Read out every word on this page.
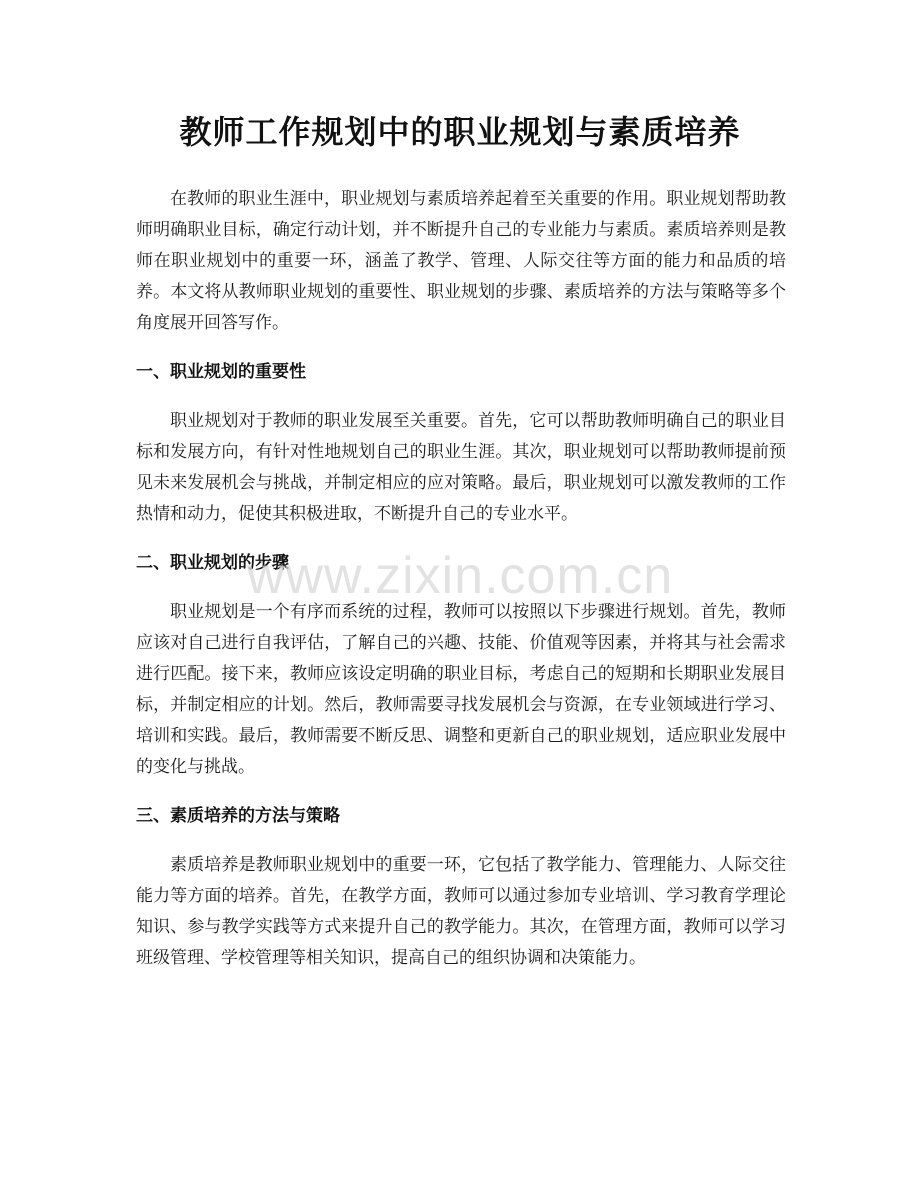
教师工作规划中的职业规划与素质培养

在教师的职业生涯中，职业规划与素质培养起着至关重要的作用。职业规划帮助教师明确职业目标，确定行动计划，并不断提升自己的专业能力与素质。素质培养则是教师在职业规划中的重要一环，涵盖了教学、管理、人际交往等方面的能力和品质的培养。本文将从教师职业规划的重要性、职业规划的步骤、素质培养的方法与策略等多个角度展开回答写作。

一、职业规划的重要性

职业规划对于教师的职业发展至关重要。首先，它可以帮助教师明确自己的职业目标和发展方向，有针对性地规划自己的职业生涯。其次，职业规划可以帮助教师提前预见未来发展机会与挑战，并制定相应的应对策略。最后，职业规划可以激发教师的工作热情和动力，促使其积极进取，不断提升自己的专业水平。

二、职业规划的步骤

职业规划是一个有序而系统的过程，教师可以按照以下步骤进行规划。首先，教师应该对自己进行自我评估，了解自己的兴趣、技能、价值观等因素，并将其与社会需求进行匹配。接下来，教师应该设定明确的职业目标，考虑自己的短期和长期职业发展目标，并制定相应的计划。然后，教师需要寻找发展机会与资源，在专业领域进行学习、培训和实践。最后，教师需要不断反思、调整和更新自己的职业规划，适应职业发展中的变化与挑战。

三、素质培养的方法与策略

素质培养是教师职业规划中的重要一环，它包括了教学能力、管理能力、人际交往能力等方面的培养。首先，在教学方面，教师可以通过参加专业培训、学习教育学理论知识、参与教学实践等方式来提升自己的教学能力。其次，在管理方面，教师可以学习班级管理、学校管理等相关知识，提高自己的组织协调和决策能力。

www.zixin.com.cn
